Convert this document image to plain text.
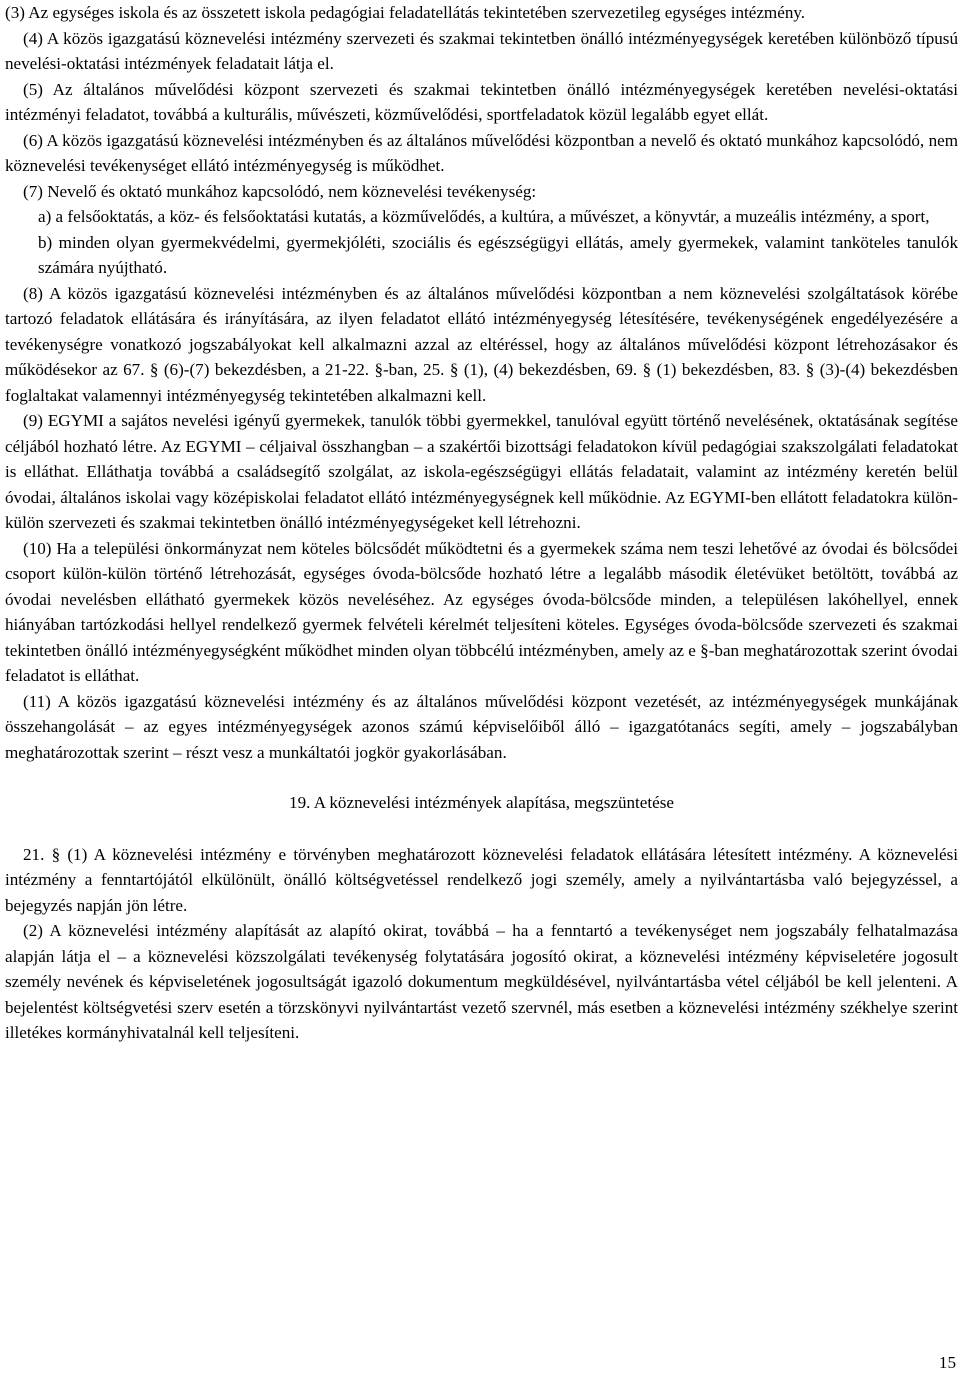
(3) Az egységes iskola és az összetett iskola pedagógiai feladatellátás tekintetében szervezetileg egységes intézmény.

(4) A közös igazgatású köznevelési intézmény szervezeti és szakmai tekintetben önálló intézményegységek keretében különböző típusú nevelési-oktatási intézmények feladatait látja el.

(5) Az általános művelődési központ szervezeti és szakmai tekintetben önálló intézményegységek keretében nevelési-oktatási intézményi feladatot, továbbá a kulturális, művészeti, közművelődési, sportfeladatok közül legalább egyet ellát.

(6) A közös igazgatású köznevelési intézményben és az általános művelődési központban a nevelő és oktató munkához kapcsolódó, nem köznevelési tevékenységet ellátó intézményegység is működhet.

(7) Nevelő és oktató munkához kapcsolódó, nem köznevelési tevékenység:

a) a felsőoktatás, a köz- és felsőoktatási kutatás, a közművelődés, a kultúra, a művészet, a könyvtár, a muzeális intézmény, a sport,

b) minden olyan gyermekvédelmi, gyermekjóléti, szociális és egészségügyi ellátás, amely gyermekek, valamint tanköteles tanulók számára nyújtható.

(8) A közös igazgatású köznevelési intézményben és az általános művelődési központban a nem köznevelési szolgáltatások körébe tartozó feladatok ellátására és irányítására, az ilyen feladatot ellátó intézményegység létesítésére, tevékenységének engedélyezésére a tevékenységre vonatkozó jogszabályokat kell alkalmazni azzal az eltéréssel, hogy az általános művelődési központ létrehozásakor és működésekor az 67. § (6)-(7) bekezdésben, a 21-22. §-ban, 25. § (1), (4) bekezdésben, 69. § (1) bekezdésben, 83. § (3)-(4) bekezdésben foglaltakat valamennyi intézményegység tekintetében alkalmazni kell.

(9) EGYMI a sajátos nevelési igényű gyermekek, tanulók többi gyermekkel, tanulóval együtt történő nevelésének, oktatásának segítése céljából hozható létre. Az EGYMI – céljaival összhangban – a szakértői bizottsági feladatokon kívül pedagógiai szakszolgálati feladatokat is elláthat. Elláthatja továbbá a családsegítő szolgálat, az iskola-egészségügyi ellátás feladatait, valamint az intézmény keretén belül óvodai, általános iskolai vagy középiskolai feladatot ellátó intézményegységnek kell működnie. Az EGYMI-ben ellátott feladatokra külön-külön szervezeti és szakmai tekintetben önálló intézményegységeket kell létrehozni.

(10) Ha a települési önkormányzat nem köteles bölcsődét működtetni és a gyermekek száma nem teszi lehetővé az óvodai és bölcsődei csoport külön-külön történő létrehozását, egységes óvoda-bölcsőde hozható létre a legalább második életévüket betöltött, továbbá az óvodai nevelésben ellátható gyermekek közös neveléséhez. Az egységes óvoda-bölcsőde minden, a településen lakóhellyel, ennek hiányában tartózkodási hellyel rendelkező gyermek felvételi kérelmét teljesíteni köteles. Egységes óvoda-bölcsőde szervezeti és szakmai tekintetben önálló intézményegységként működhet minden olyan többcélú intézményben, amely az e §-ban meghatározottak szerint óvodai feladatot is elláthat.

(11) A közös igazgatású köznevelési intézmény és az általános művelődési központ vezetését, az intézményegységek munkájának összehangolását – az egyes intézményegységek azonos számú képviselőiből álló – igazgatótanács segíti, amely – jogszabályban meghatározottak szerint – részt vesz a munkáltatói jogkör gyakorlásában.

19. A köznevelési intézmények alapítása, megszüntetése

21. § (1) A köznevelési intézmény e törvényben meghatározott köznevelési feladatok ellátására létesített intézmény. A köznevelési intézmény a fenntartójától elkülönült, önálló költségvetéssel rendelkező jogi személy, amely a nyilvántartásba való bejegyzéssel, a bejegyzés napján jön létre.

(2) A köznevelési intézmény alapítását az alapító okirat, továbbá – ha a fenntartó a tevékenységet nem jogszabály felhatalmazása alapján látja el – a köznevelési közszolgálati tevékenység folytatására jogosító okirat, a köznevelési intézmény képviseletére jogosult személy nevének és képviseletének jogosultságát igazoló dokumentum megküldésével, nyilvántartásba vétel céljából be kell jelenteni. A bejelentést költségvetési szerv esetén a törzskönyvi nyilvántartást vezető szervnél, más esetben a köznevelési intézmény székhelye szerint illetékes kormányhivatalnál kell teljesíteni.

15
